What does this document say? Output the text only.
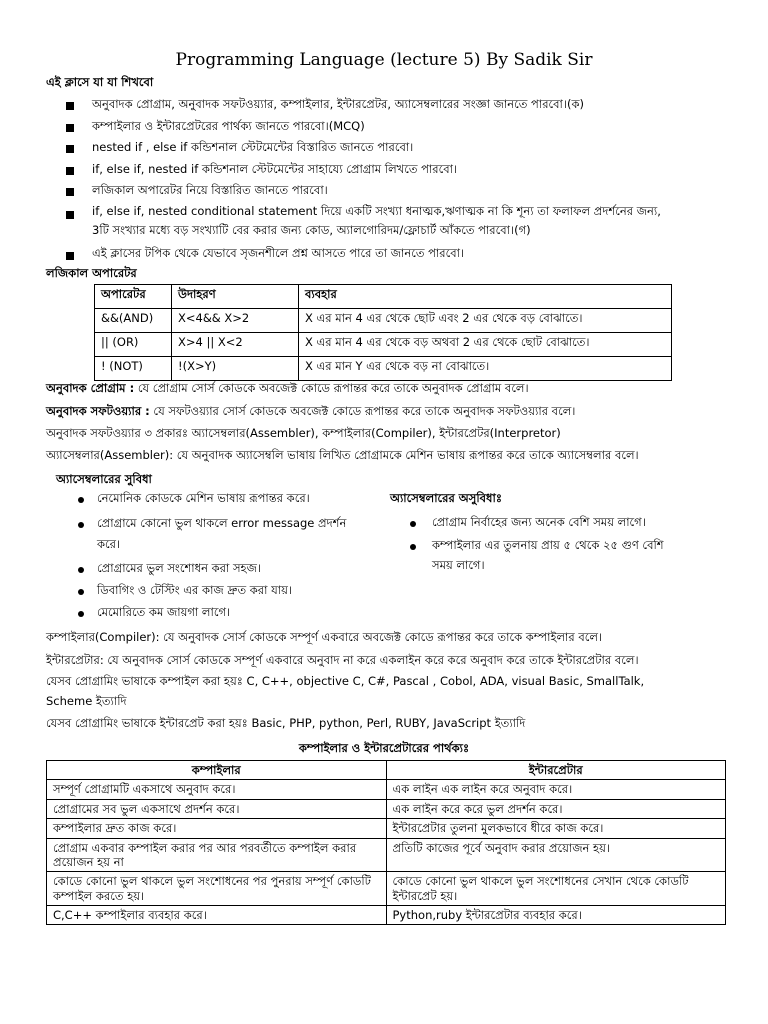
Programming Language (lecture 5) By Sadik Sir
এই ক্লাসে যা যা শিখবো
অনুবাদক প্রোগ্রাম, অনুবাদক সফটওয়্যার, কম্পাইলার, ইন্টারপ্রেটর, অ্যাসেম্বলারের সংজ্ঞা জানতে পারবো।(ক)
কম্পাইলার ও ইন্টারপ্রেটরের পার্থক্য জানতে পারবো।(MCQ)
nested if , else if কন্ডিশনাল স্টেটমেন্টের বিস্তারিত জানতে পারবো।
if, else if, nested if কন্ডিশনাল স্টেটমেন্টের সাহায্যে প্রোগ্রাম লিখতে পারবো।
লজিকাল অপারেটর নিয়ে বিস্তারিত জানতে পারবো।
if, else if, nested conditional statement দিয়ে একটি সংখ্যা ধনাত্মক,ঋণাত্মক না কি শূন্য তা ফলাফল প্রদর্শনের জন্য,
3টি সংখ্যার মধ্যে বড় সংখ্যাটি বের করার জন্য কোড, অ্যালগোরিদম/ফ্লোচার্ট আঁকতে পারবো।(গ)
এই ক্লাসের টপিক থেকে যেভাবে সৃজনশীলে প্রশ্ন আসতে পারে তা জানতে পারবো।
লজিকাল অপারেটর
অপারেটর	উদাহরণ	ব্যবহার
&&(AND)	X<4&& X>2	X এর মান 4 এর থেকে ছোট এবং 2 এর থেকে বড় বোঝাতে।
|| (OR)	X>4 || X<2	X এর মান 4 এর থেকে বড় অথবা 2 এর থেকে ছোট বোঝাতে।
! (NOT)	!(X>Y)	X এর মান Y এর থেকে বড় না বোঝাতে।
অনুবাদক প্রোগ্রাম : যে প্রোগ্রাম সোর্স কোডকে অবজেক্ট কোডে রূপান্তর করে তাকে অনুবাদক প্রোগ্রাম বলে।
অনুবাদক সফটওয়্যার : যে সফটওয়্যার সোর্স কোডকে অবজেক্ট কোডে রূপান্তর করে তাকে অনুবাদক সফটওয়্যার বলে।
অনুবাদক সফটওয়্যার ৩ প্রকারঃ অ্যাসেম্বলার(Assembler), কম্পাইলার(Compiler), ইন্টারপ্রেটর(Interpretor)
অ্যাসেম্বলার(Assembler): যে অনুবাদক অ্যাসেম্বলি ভাষায় লিখিত প্রোগ্রামকে মেশিন ভাষায় রূপান্তর করে তাকে অ্যাসেম্বলার বলে।
অ্যাসেম্বলারের সুবিধা
নেমোনিক কোডকে মেশিন ভাষায় রূপান্তর করে।
প্রোগ্রামে কোনো ভুল থাকলে error message প্রদর্শন
করে।
প্রোগ্রামের ভুল সংশোধন করা সহজ।
ডিবাগিং ও টেস্টিং এর কাজ দ্রুত করা যায়।
মেমোরিতে কম জায়গা লাগে।
অ্যাসেম্বলারের অসুবিধাঃ
প্রোগ্রাম নির্বাহের জন্য অনেক বেশি সময় লাগে।
কম্পাইলার এর তুলনায় প্রায় ৫ থেকে ২৫ গুণ বেশি
সময় লাগে।
কম্পাইলার(Compiler): যে অনুবাদক সোর্স কোডকে সম্পূর্ণ একবারে অবজেক্ট কোডে রূপান্তর করে তাকে কম্পাইলার বলে।
ইন্টারপ্রেটার: যে অনুবাদক সোর্স কোডকে সম্পূর্ণ একবারে অনুবাদ না করে একলাইন করে করে অনুবাদ করে তাকে ইন্টারপ্রেটার বলে।
যেসব প্রোগ্রামিং ভাষাকে কম্পাইল করা হয়ঃ C, C++, objective C, C#, Pascal , Cobol, ADA, visual Basic, SmallTalk,
Scheme ইত্যাদি
যেসব প্রোগ্রামিং ভাষাকে ইন্টারপ্রেট করা হয়ঃ Basic, PHP, python, Perl, RUBY, JavaScript ইত্যাদি
কম্পাইলার ও ইন্টারপ্রেটারের পার্থক্যঃ
কম্পাইলার	ইন্টারপ্রেটার
সম্পূর্ণ প্রোগ্রামটি একসাথে অনুবাদ করে।	এক লাইন এক লাইন করে অনুবাদ করে।
প্রোগ্রামের সব ভুল একসাথে প্রদর্শন করে।	এক লাইন করে করে ভুল প্রদর্শন করে।
কম্পাইলার দ্রুত কাজ করে।	ইন্টারপ্রেটার তুলনা মুলকভাবে ধীরে কাজ করে।
প্রোগ্রাম একবার কম্পাইল করার পর আর পরবর্তীতে কম্পাইল করার প্রয়োজন হয় না	প্রতিটি কাজের পূর্বে অনুবাদ করার প্রয়োজন হয়।
কোডে কোনো ভুল থাকলে ভুল সংশোধনের পর পুনরায় সম্পূর্ণ কোডটি কম্পাইল করতে হয়।	কোডে কোনো ভুল থাকলে ভুল সংশোধনের সেখান থেকে কোডটি ইন্টারপ্রেট হয়।
C,C++ কম্পাইলার ব্যবহার করে।	Python,ruby ইন্টারপ্রেটার ব্যবহার করে।
